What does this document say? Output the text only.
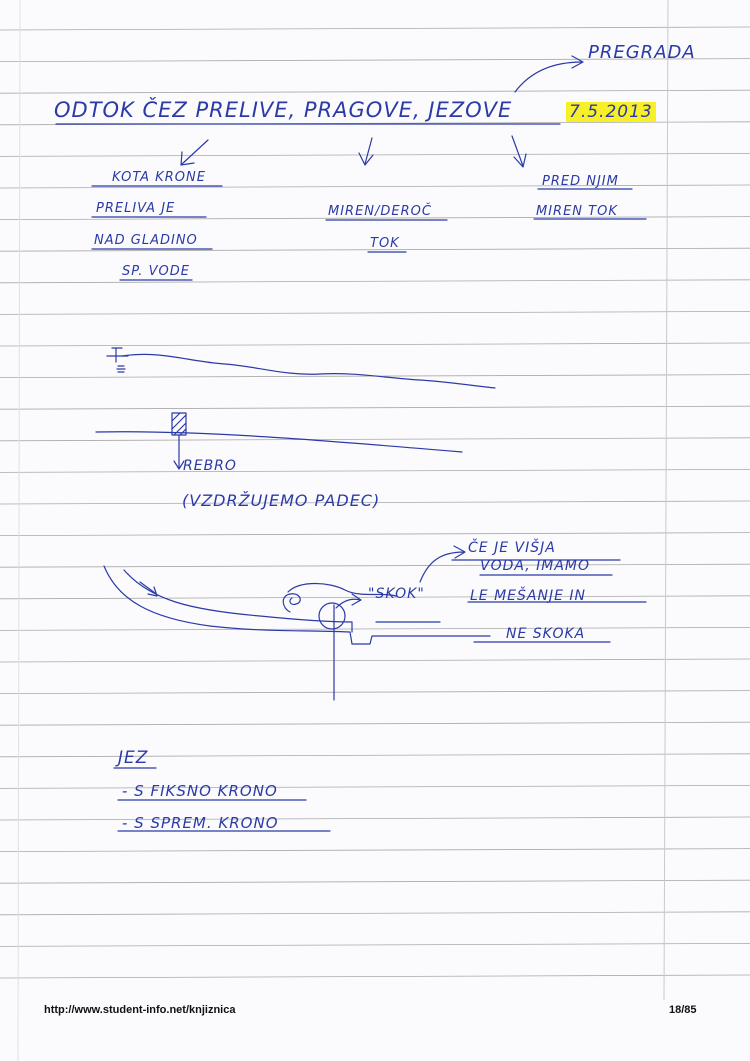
PREGRADA
ODTOK ČEZ PRELIVE, PRAGOVE, JEZOVE	7.5.2013
KOTA KRONE
PRELIVA JE
NAD GLADINO
SP. VODE
MIREN/DEROČ
TOK
PRED NJIM
MIREN TOK
REBRO
(VZDRŽUJEMO PADEC)
ČE JE VIŠJA
VODA, IMAMO
"SKOK"	LE MEŠANJE IN
NE SKOKA
JEZ
- S FIKSNO KRONO
- S SPREM. KRONO
http://www.student-info.net/knjiznica	18/85
